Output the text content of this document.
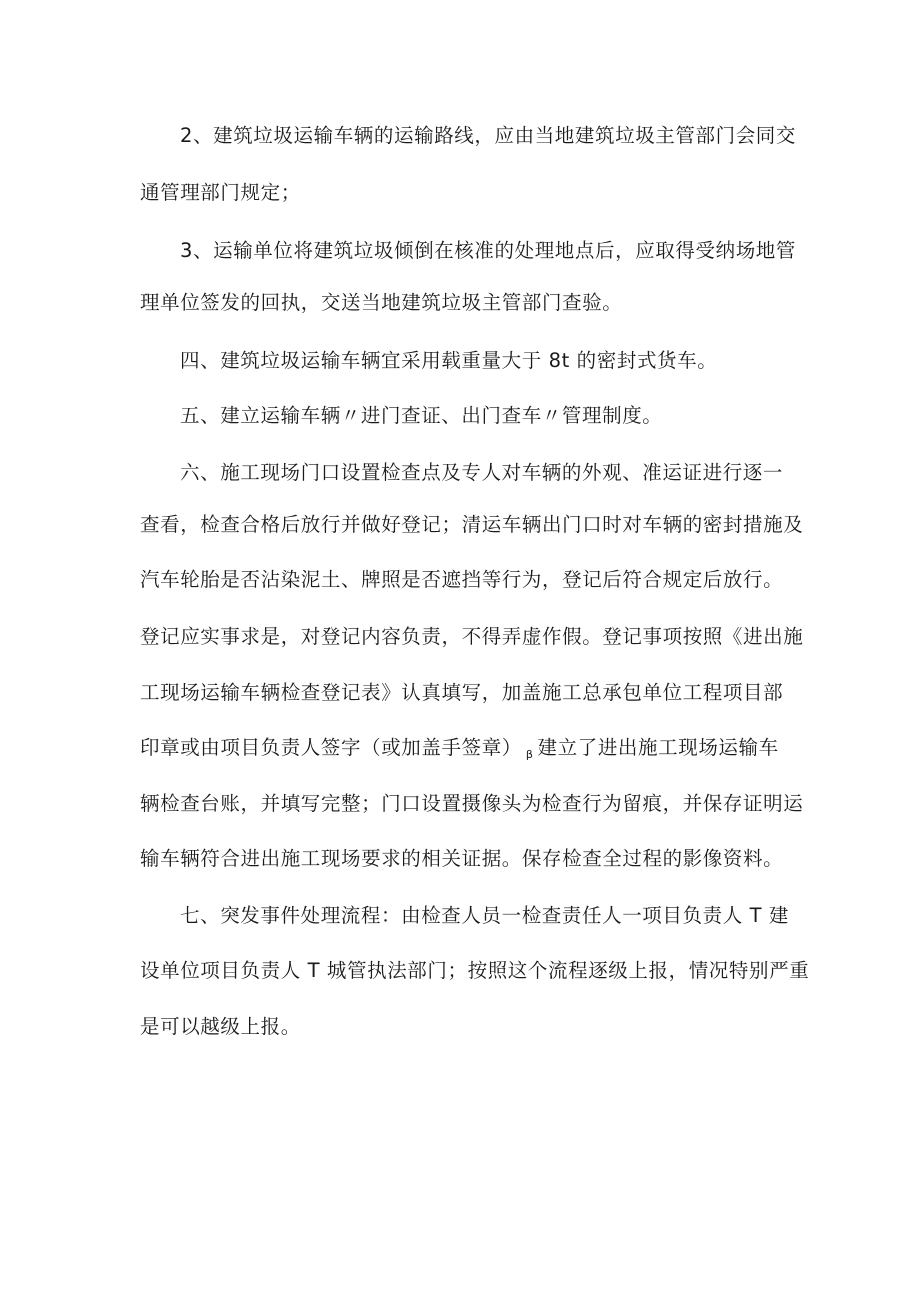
2、建筑垃圾运输车辆的运输路线，应由当地建筑垃圾主管部门会同交
通管理部门规定；
3、运输单位将建筑垃圾倾倒在核准的处理地点后，应取得受纳场地管
理单位签发的回执，交送当地建筑垃圾主管部门查验。
四、建筑垃圾运输车辆宜采用载重量大于 8t 的密封式货车。
五、建立运输车辆〃进门查证、出门查车〃管理制度。
六、施工现场门口设置检查点及专人对车辆的外观、准运证进行逐一
查看，检查合格后放行并做好登记；清运车辆出门口时对车辆的密封措施及
汽车轮胎是否沾染泥土、牌照是否遮挡等行为，登记后符合规定后放行。
登记应实事求是，对登记内容负责，不得弄虚作假。登记事项按照《进出施
工现场运输车辆检查登记表》认真填写，加盖施工总承包单位工程项目部
印章或由项目负责人签字（或加盖手签章） $_\beta$ 建立了进出施工现场运输车
辆检查台账，并填写完整；门口设置摄像头为检查行为留痕，并保存证明运
输车辆符合进出施工现场要求的相关证据。保存检查全过程的影像资料。
七、突发事件处理流程：由检查人员一检查责任人一项目负责人 T 建
设单位项目负责人 T 城管执法部门；按照这个流程逐级上报，情况特别严重
是可以越级上报。
